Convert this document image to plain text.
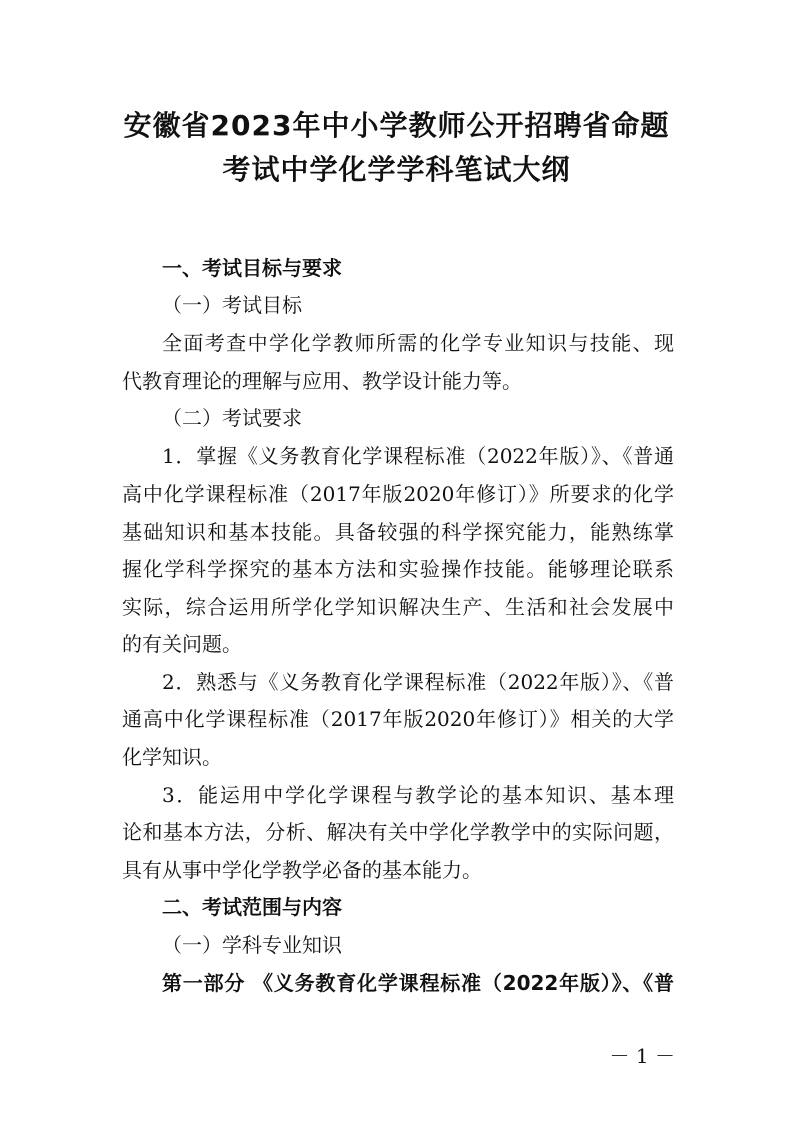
安徽省2023年中小学教师公开招聘省命题
考试中学化学学科笔试大纲
一、考试目标与要求
（一）考试目标
全面考查中学化学教师所需的化学专业知识与技能、现
代教育理论的理解与应用、教学设计能力等。
（二）考试要求
1．掌握《义务教育化学课程标准（2022年版）》、《普通
高中化学课程标准（2017年版2020年修订）》所要求的化学
基础知识和基本技能。具备较强的科学探究能力，能熟练掌
握化学科学探究的基本方法和实验操作技能。能够理论联系
实际，综合运用所学化学知识解决生产、生活和社会发展中
的有关问题。
2．熟悉与《义务教育化学课程标准（2022年版）》、《普
通高中化学课程标准（2017年版2020年修订）》相关的大学
化学知识。
3．能运用中学化学课程与教学论的基本知识、基本理
论和基本方法，分析、解决有关中学化学教学中的实际问题，
具有从事中学化学教学必备的基本能力。
二、考试范围与内容
（一）学科专业知识
第一部分 《义务教育化学课程标准（2022年版）》、《普
－ 1 －
